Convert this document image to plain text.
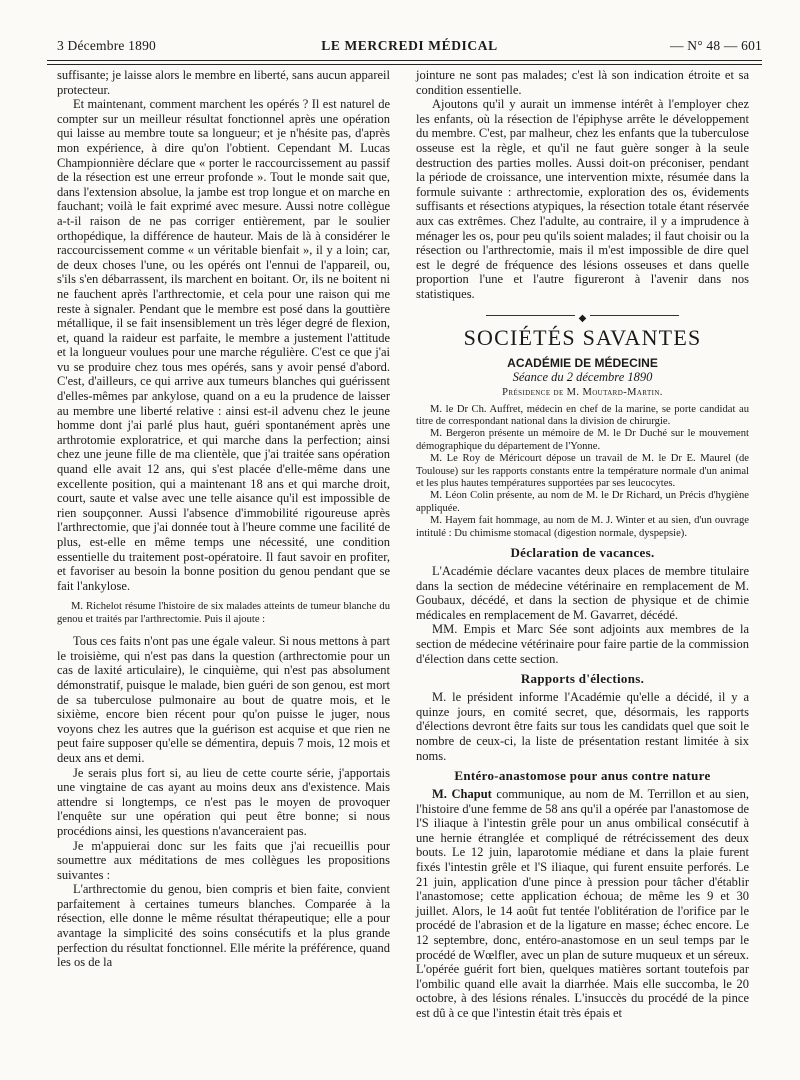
3 Décembre 1890	LE MERCREDI MÉDICAL	— N° 48 — 601

suffisante; je laisse alors le membre en liberté, sans aucun appareil protecteur.

Et maintenant, comment marchent les opérés ? Il est naturel de compter sur un meilleur résultat fonctionnel après une opération qui laisse au membre toute sa longueur; et je n'hésite pas, d'après mon expérience, à dire qu'on l'obtient. Cependant M. Lucas Championnière déclare que « porter le raccourcissement au passif de la résection est une erreur profonde ». Tout le monde sait que, dans l'extension absolue, la jambe est trop longue et on marche en fauchant; voilà le fait exprimé avec mesure. Aussi notre collègue a-t-il raison de ne pas corriger entièrement, par le soulier orthopédique, la différence de hauteur. Mais de là à considérer le raccourcissement comme « un véritable bienfait », il y a loin; car, de deux choses l'une, ou les opérés ont l'ennui de l'appareil, ou, s'ils s'en débarrassent, ils marchent en boitant. Or, ils ne boitent ni ne fauchent après l'arthrectomie, et cela pour une raison qui me reste à signaler. Pendant que le membre est posé dans la gouttière métallique, il se fait insensiblement un très léger degré de flexion, et, quand la raideur est parfaite, le membre a justement l'attitude et la longueur voulues pour une marche régulière. C'est ce que j'ai vu se produire chez tous mes opérés, sans y avoir pensé d'abord. C'est, d'ailleurs, ce qui arrive aux tumeurs blanches qui guérissent d'elles-mêmes par ankylose, quand on a eu la prudence de laisser au membre une liberté relative : ainsi est-il advenu chez le jeune homme dont j'ai parlé plus haut, guéri spontanément après une arthrotomie exploratrice, et qui marche dans la perfection; ainsi chez une jeune fille de ma clientèle, que j'ai traitée sans opération quand elle avait 12 ans, qui s'est placée d'elle-même dans une excellente position, qui a maintenant 18 ans et qui marche droit, court, saute et valse avec une telle aisance qu'il est impossible de rien soupçonner. Aussi l'absence d'immobilité rigoureuse après l'arthrectomie, que j'ai donnée tout à l'heure comme une facilité de plus, est-elle en même temps une nécessité, une condition essentielle du traitement post-opératoire. Il faut savoir en profiter, et favoriser au besoin la bonne position du genou pendant que se fait l'ankylose.

M. Richelot résume l'histoire de six malades atteints de tumeur blanche du genou et traités par l'arthrectomie. Puis il ajoute :

Tous ces faits n'ont pas une égale valeur. Si nous mettons à part le troisième, qui n'est pas dans la question (arthrectomie pour un cas de laxité articulaire), le cinquième, qui n'est pas absolument démonstratif, puisque le malade, bien guéri de son genou, est mort de sa tuberculose pulmonaire au bout de quatre mois, et le sixième, encore bien récent pour qu'on puisse le juger, nous voyons chez les autres que la guérison est acquise et que rien ne peut faire supposer qu'elle se démentira, depuis 7 mois, 12 mois et deux ans et demi.

Je serais plus fort si, au lieu de cette courte série, j'apportais une vingtaine de cas ayant au moins deux ans d'existence. Mais attendre si longtemps, ce n'est pas le moyen de provoquer l'enquête sur une opération qui peut être bonne; si nous procédions ainsi, les questions n'avanceraient pas.

Je m'appuierai donc sur les faits que j'ai recueillis pour soumettre aux méditations de mes collègues les propositions suivantes :

L'arthrectomie du genou, bien compris et bien faite, convient parfaitement à certaines tumeurs blanches. Comparée à la résection, elle donne le même résultat thérapeutique; elle a pour avantage la simplicité des soins consécutifs et la plus grande perfection du résultat fonctionnel. Elle mérite la préférence, quand les os de la

jointure ne sont pas malades; c'est là son indication étroite et sa condition essentielle.

Ajoutons qu'il y aurait un immense intérêt à l'employer chez les enfants, où la résection de l'épiphyse arrête le développement du membre. C'est, par malheur, chez les enfants que la tuberculose osseuse est la règle, et qu'il ne faut guère songer à la seule destruction des parties molles. Aussi doit-on préconiser, pendant la période de croissance, une intervention mixte, résumée dans la formule suivante : arthrectomie, exploration des os, évidements suffisants et résections atypiques, la résection totale étant réservée aux cas extrêmes. Chez l'adulte, au contraire, il y a imprudence à ménager les os, pour peu qu'ils soient malades; il faut choisir ou la résection ou l'arthrectomie, mais il m'est impossible de dire quel est le degré de fréquence des lésions osseuses et dans quelle proportion l'une et l'autre figureront à l'avenir dans nos statistiques.

◆
SOCIÉTÉS SAVANTES
ACADÉMIE DE MÉDECINE
Séance du 2 décembre 1890
Présidence de M. Moutard-Martin.

M. le Dr Ch. Auffret, médecin en chef de la marine, se porte candidat au titre de correspondant national dans la division de chirurgie.

M. Bergeron présente un mémoire de M. le Dr Duché sur le mouvement démographique du département de l'Yonne.

M. Le Roy de Méricourt dépose un travail de M. le Dr E. Maurel (de Toulouse) sur les rapports constants entre la température normale d'un animal et les plus hautes températures supportées par ses leucocytes.

M. Léon Colin présente, au nom de M. le Dr Richard, un Précis d'hygiène appliquée.

M. Hayem fait hommage, au nom de M. J. Winter et au sien, d'un ouvrage intitulé : Du chimisme stomacal (digestion normale, dyspepsie).

Déclaration de vacances.

L'Académie déclare vacantes deux places de membre titulaire dans la section de médecine vétérinaire en remplacement de M. Goubaux, décédé, et dans la section de physique et de chimie médicales en remplacement de M. Gavarret, décédé.

MM. Empis et Marc Sée sont adjoints aux membres de la section de médecine vétérinaire pour faire partie de la commission d'élection dans cette section.

Rapports d'élections.

M. le président informe l'Académie qu'elle a décidé, il y a quinze jours, en comité secret, que, désormais, les rapports d'élections devront être faits sur tous les candidats quel que soit le nombre de ceux-ci, la liste de présentation restant limitée à six noms.

Entéro-anastomose pour anus contre nature

M. Chaput communique, au nom de M. Terrillon et au sien, l'histoire d'une femme de 58 ans qu'il a opérée par l'anastomose de l'S iliaque à l'intestin grêle pour un anus ombilical consécutif à une hernie étranglée et compliqué de rétrécissement des deux bouts. Le 12 juin, laparotomie médiane et dans la plaie furent fixés l'intestin grêle et l'S iliaque, qui furent ensuite perforés. Le 21 juin, application d'une pince à pression pour tâcher d'établir l'anastomose; cette application échoua; de même les 9 et 30 juillet. Alors, le 14 août fut tentée l'oblitération de l'orifice par le procédé de l'abrasion et de la ligature en masse; échec encore. Le 12 septembre, donc, entéro-anastomose en un seul temps par le procédé de Wœlfler, avec un plan de suture muqueux et un séreux. L'opérée guérit fort bien, quelques matières sortant toutefois par l'ombilic quand elle avait la diarrhée. Mais elle succomba, le 20 octobre, à des lésions rénales. L'insuccès du procédé de la pince est dû à ce que l'intestin était très épais et
